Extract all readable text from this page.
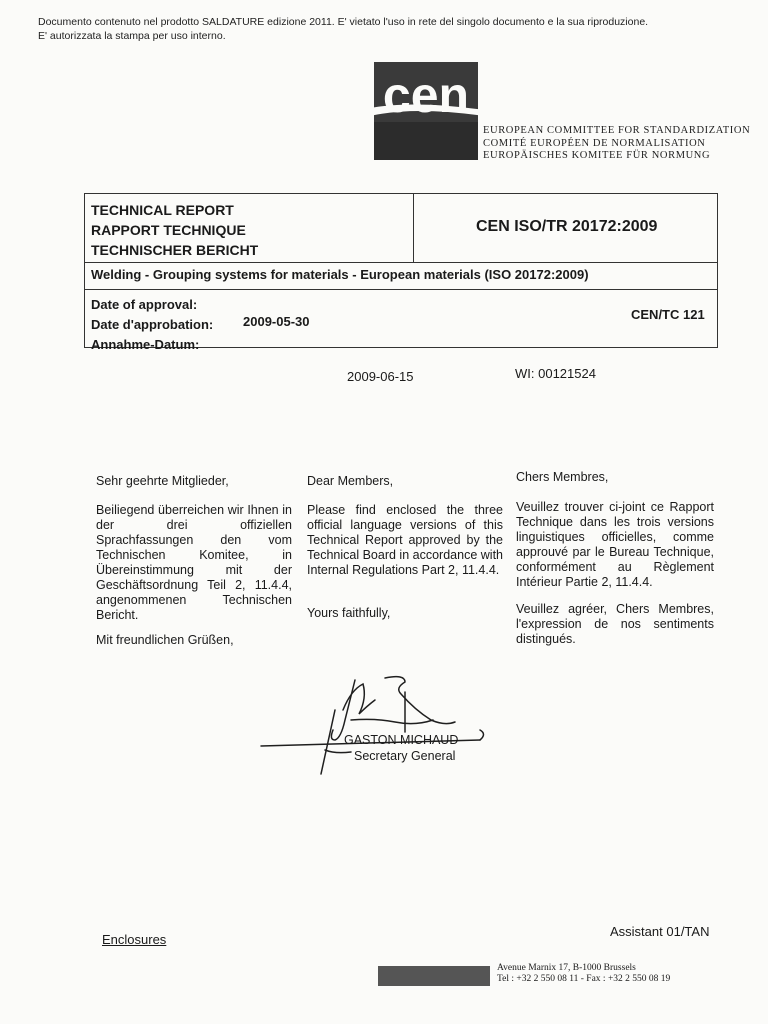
Documento contenuto nel prodotto SALDATURE edizione 2011. E' vietato l'uso in rete del singolo documento e la sua riproduzione.
E' autorizzata la stampa per uso interno.
cen
EUROPEAN COMMITTEE FOR STANDARDIZATION
COMITÉ EUROPÉEN DE NORMALISATION
EUROPÄISCHES KOMITEE FÜR NORMUNG
TECHNICAL REPORT
RAPPORT TECHNIQUE
TECHNISCHER BERICHT
CEN ISO/TR 20172:2009
Welding - Grouping systems for materials - European materials (ISO 20172:2009)
Date of approval:
Date d'approbation:
Annahme-Datum:
2009-05-30	CEN/TC 121
2009-06-15	WI: 00121524

Sehr geehrte Mitglieder,

Beiliegend überreichen wir Ihnen in der drei offiziellen Sprachfassungen den vom Technischen Komitee, in Übereinstimmung mit der Geschäftsordnung Teil 2, 11.4.4, angenommenen Technischen Bericht.

Mit freundlichen Grüßen,

Dear Members,

Please find enclosed the three official language versions of this Technical Report approved by the Technical Board in accordance with Internal Regulations Part 2, 11.4.4.

Yours faithfully,

Chers Membres,

Veuillez trouver ci-joint ce Rapport Technique dans les trois versions linguistiques officielles, comme approuvé par le Bureau Technique, conformément au Règlement Intérieur Partie 2, 11.4.4.

Veuillez agréer, Chers Membres, l'expression de nos sentiments distingués.

GASTON MICHAUD
Secretary General
Enclosures
Assistant 01/TAN
Avenue Marnix 17, B-1000 Brussels
Tel : +32 2 550 08 11 - Fax : +32 2 550 08 19
